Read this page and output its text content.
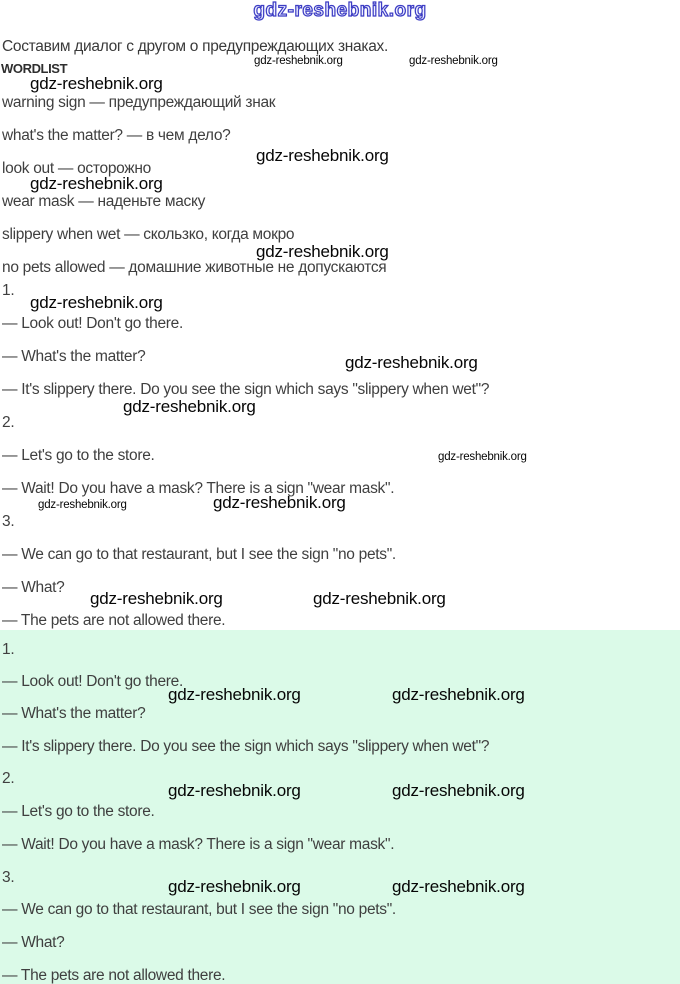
gdz-reshebnik.org
Составим диалог с другом о предупреждающих знаках.
WORDLIST
warning sign — предупреждающий знак
what's the matter? — в чем дело?
look out — осторожно
wear mask — наденьте маску
slippery when wet — скользко, когда мокро
no pets allowed — домашние животные не допускаются
1.
— Look out! Don't go there.
— What's the matter?
— It's slippery there. Do you see the sign which says "slippery when wet"?
2.
— Let's go to the store.
— Wait! Do you have a mask? There is a sign "wear mask".
3.
— We can go to that restaurant, but I see the sign "no pets".
— What?
— The pets are not allowed there.
1.
— Look out! Don't go there.
— What's the matter?
— It's slippery there. Do you see the sign which says "slippery when wet"?
2.
— Let's go to the store.
— Wait! Do you have a mask? There is a sign "wear mask".
3.
— We can go to that restaurant, but I see the sign "no pets".
— What?
— The pets are not allowed there.
gdz-reshebnik.org	gdz-reshebnik.org
gdz-reshebnik.org
gdz-reshebnik.org
gdz-reshebnik.org
gdz-reshebnik.org
gdz-reshebnik.org
gdz-reshebnik.org
gdz-reshebnik.org
gdz-reshebnik.org
gdz-reshebnik.org	gdz-reshebnik.org
gdz-reshebnik.org	gdz-reshebnik.org
gdz-reshebnik.org	gdz-reshebnik.org
gdz-reshebnik.org	gdz-reshebnik.org
gdz-reshebnik.org	gdz-reshebnik.org
